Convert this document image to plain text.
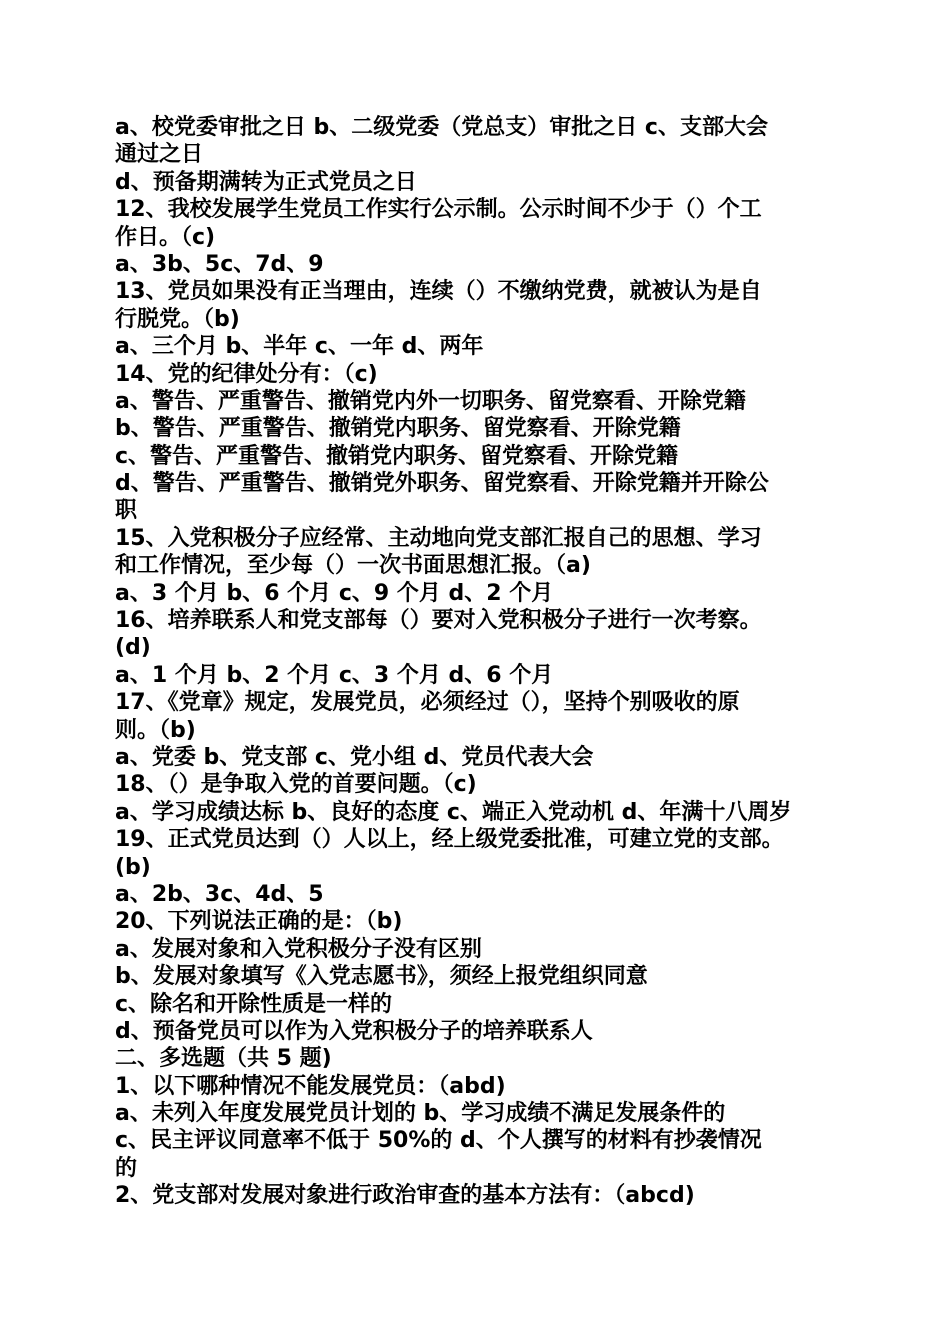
a、校党委审批之日 b、二级党委（党总支）审批之日 c、支部大会
通过之日
d、预备期满转为正式党员之日
12、我校发展学生党员工作实行公示制。公示时间不少于（）个工
作日。（c)
a、3b、5c、7d、9
13、党员如果没有正当理由，连续（）不缴纳党费，就被认为是自
行脱党。（b)
a、三个月 b、半年 c、一年 d、两年
14、党的纪律处分有：（c)
a、警告、严重警告、撤销党内外一切职务、留党察看、开除党籍
b、警告、严重警告、撤销党内职务、留党察看、开除党籍
c、警告、严重警告、撤销党内职务、留党察看、开除党籍
d、警告、严重警告、撤销党外职务、留党察看、开除党籍并开除公
职
15、入党积极分子应经常、主动地向党支部汇报自己的思想、学习
和工作情况，至少每（）一次书面思想汇报。（a)
a、3 个月 b、6 个月 c、9 个月 d、2 个月
16、培养联系人和党支部每（）要对入党积极分子进行一次考察。
(d)
a、1 个月 b、2 个月 c、3 个月 d、6 个月
17、《党章》规定，发展党员，必须经过（），坚持个别吸收的原
则。（b)
a、党委 b、党支部 c、党小组 d、党员代表大会
18、（）是争取入党的首要问题。（c)
a、学习成绩达标 b、良好的态度 c、端正入党动机 d、年满十八周岁
19、正式党员达到（）人以上，经上级党委批准，可建立党的支部。
(b)
a、2b、3c、4d、5
20、下列说法正确的是：（b)
a、发展对象和入党积极分子没有区别
b、发展对象填写《入党志愿书》，须经上报党组织同意
c、除名和开除性质是一样的
d、预备党员可以作为入党积极分子的培养联系人
二、多选题（共 5 题)
1、以下哪种情况不能发展党员：（abd)
a、未列入年度发展党员计划的 b、学习成绩不满足发展条件的
c、民主评议同意率不低于 50%的 d、个人撰写的材料有抄袭情况
的
2、党支部对发展对象进行政治审查的基本方法有：（abcd)
